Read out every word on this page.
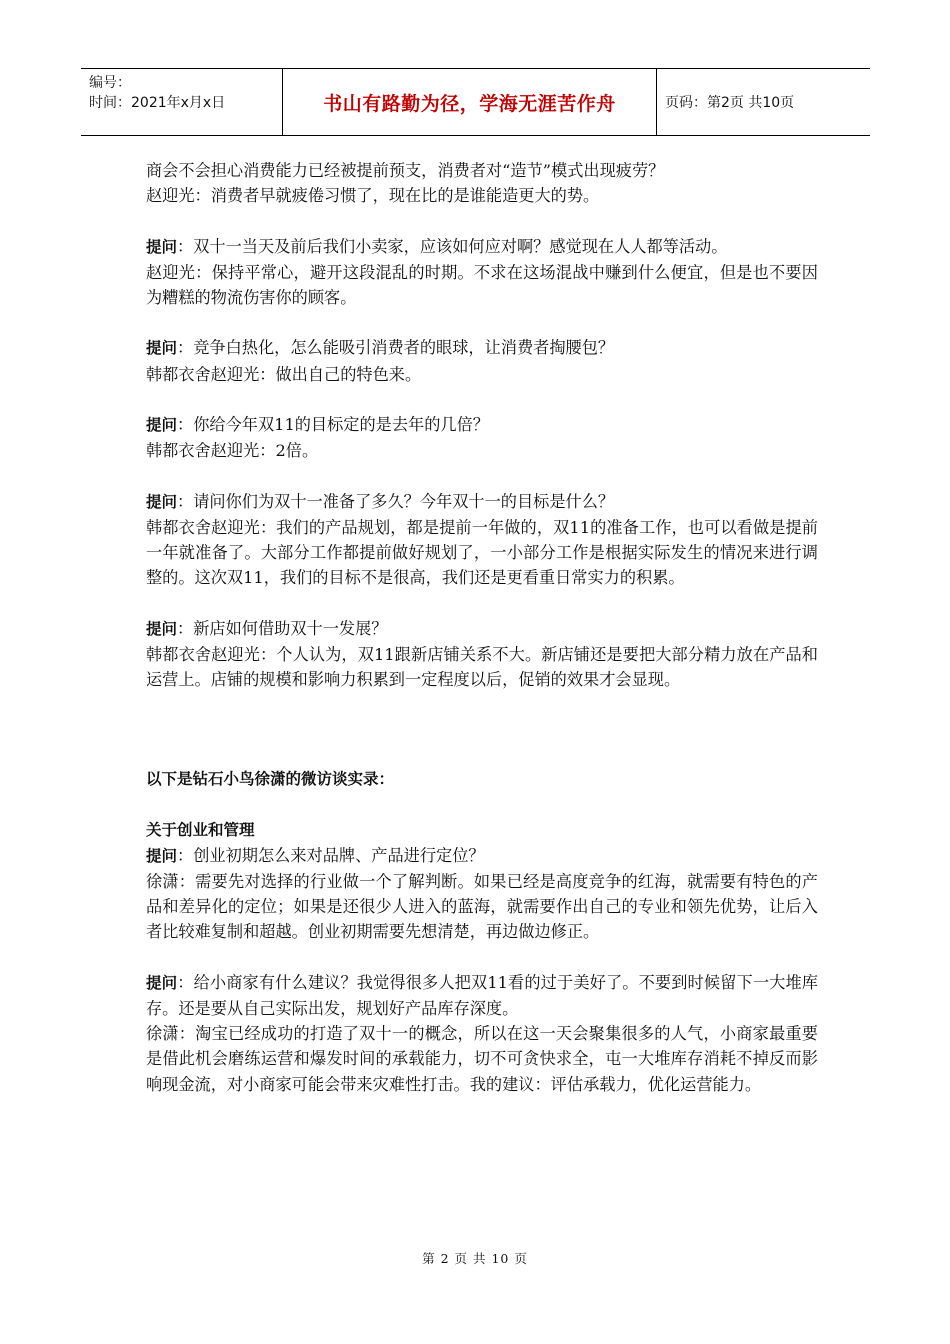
编号：
时间：2021年x月x日	书山有路勤为径，学海无涯苦作舟	页码：第2页 共10页

商会不会担心消费能力已经被提前预支，消费者对“造节”模式出现疲劳？

赵迎光：消费者早就疲倦习惯了，现在比的是谁能造更大的势。

提问：双十一当天及前后我们小卖家，应该如何应对啊？感觉现在人人都等活动。

赵迎光：保持平常心，避开这段混乱的时期。不求在这场混战中赚到什么便宜，但是也不要因为糟糕的物流伤害你的顾客。

提问：竞争白热化，怎么能吸引消费者的眼球，让消费者掏腰包？

韩都衣舍赵迎光：做出自己的特色来。

提问：你给今年双11的目标定的是去年的几倍？

韩都衣舍赵迎光：2倍。

提问：请问你们为双十一准备了多久？今年双十一的目标是什么？

韩都衣舍赵迎光：我们的产品规划，都是提前一年做的，双11的准备工作，也可以看做是提前一年就准备了。大部分工作都提前做好规划了，一小部分工作是根据实际发生的情况来进行调整的。这次双11，我们的目标不是很高，我们还是更看重日常实力的积累。

提问：新店如何借助双十一发展？

韩都衣舍赵迎光：个人认为，双11跟新店铺关系不大。新店铺还是要把大部分精力放在产品和运营上。店铺的规模和影响力积累到一定程度以后，促销的效果才会显现。

以下是钻石小鸟徐潇的微访谈实录：

关于创业和管理

提问：创业初期怎么来对品牌、产品进行定位？

徐潇：需要先对选择的行业做一个了解判断。如果已经是高度竞争的红海，就需要有特色的产品和差异化的定位；如果是还很少人进入的蓝海，就需要作出自己的专业和领先优势，让后入者比较难复制和超越。创业初期需要先想清楚，再边做边修正。

提问：给小商家有什么建议？我觉得很多人把双11看的过于美好了。不要到时候留下一大堆库存。还是要从自己实际出发，规划好产品库存深度。

徐潇：淘宝已经成功的打造了双十一的概念，所以在这一天会聚集很多的人气，小商家最重要是借此机会磨练运营和爆发时间的承载能力，切不可贪快求全，屯一大堆库存消耗不掉反而影响现金流，对小商家可能会带来灾难性打击。我的建议：评估承载力，优化运营能力。

第 2 页 共 10 页
